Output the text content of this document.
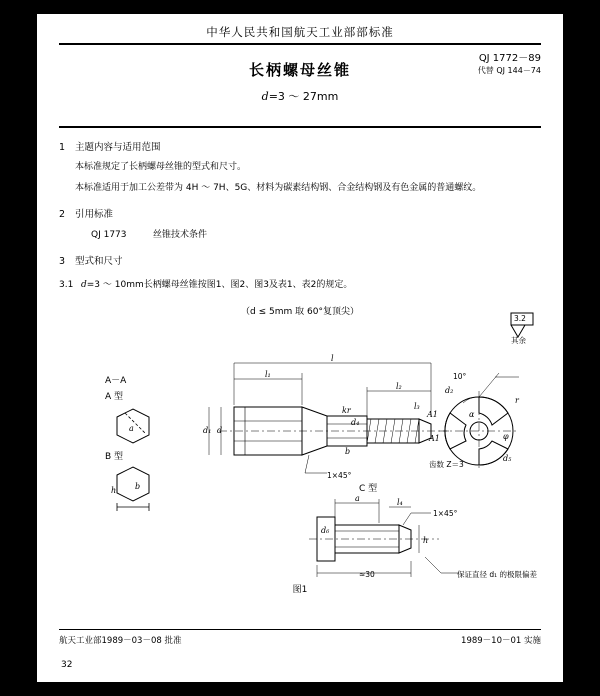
中华人民共和国航天工业部部标准
QJ 1772－89
代替 QJ 144－74
长柄螺母丝锥
d=3 ～ 27mm
1 主题内容与适用范围
本标准规定了长柄螺母丝锥的型式和尺寸。
本标准适用于加工公差带为 4H ～ 7H、5G、材料为碳素结构钢、合金结构钢及有色金属的普通螺纹。
2 引用标准
QJ 1773	丝锥技术条件
3 型式和尺寸
3.1 d=3 ～ 10mm长柄螺母丝锥按图1、图2、图3及表1、表2的规定。
（d ≤ 5mm 取 60°复顶尖）
l
l₁
l₂
l₃
d
d₁
kr
d₄
b
A1
A1
d₂
r
α
φ
d₅
a	l₄
d₆
h
a
b
h
1×45°
1×45°
10°
≈30
齿数 Z＝3
保证直径 d₁ 的极限偏差
其余
3.2
A－A
A 型
B 型
C 型
图1
航天工业部1989－03－08 批准	1989－10－01 实施
32
